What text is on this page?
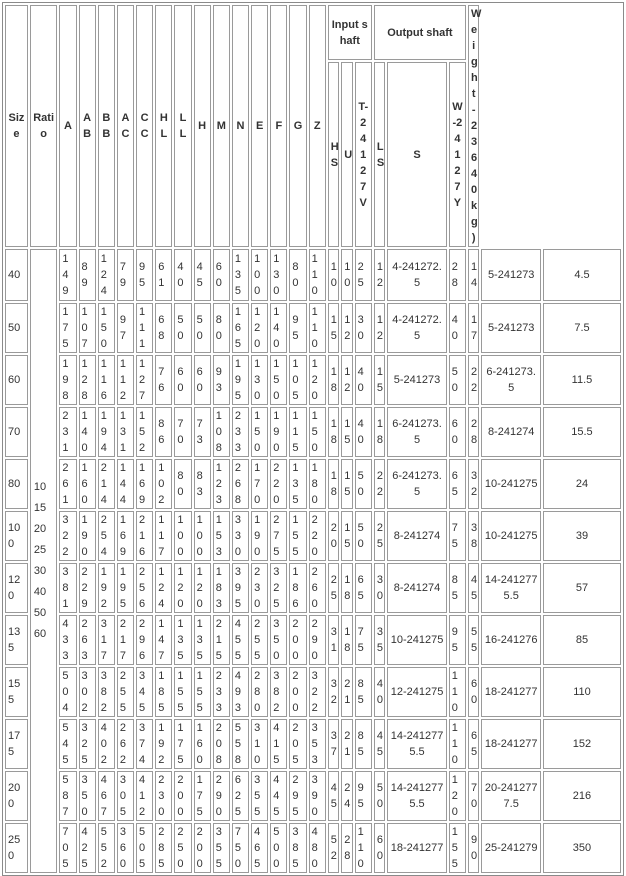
Size	Ratio	A	AB	BB	AC	CC	HL	LL	H	M	N	E	F	G	Z	Input shaft			Output shaft			Weight-23640kg)		
																HS	U	T-24127V	LS	S	W-24127Y			
40	10 15 20 25 30 40 50 60	149	89	124	79	95	61	40	45	60	135	100	130	80	110	10	10	25	12	4-241272.5	28	14	5-241273	4.5
50		175	107	150	97	111	68	50	50	80	165	120	140	95	110	15	12	30	12	4-241272.5	40	17	5-241273	7.5
60		198	128	116	112	127	76	60	60	93	195	130	150	105	120	18	12	40	15	5-241273	50	22	6-241273.5	11.5
70		231	140	194	131	152	86	70	73	108	233	150	190	115	150	18	15	40	18	6-241273.5	60	28	8-241274	15.5
80		261	160	214	144	169	102	80	83	123	268	170	220	135	180	18	15	50	22	6-241273.5	65	32	10-241275	24
100		322	190	254	169	216	117	100	100	153	330	190	275	155	220	20	15	50	25	8-241274	75	38	10-241275	39
120		381	229	192	195	256	124	120	120	183	395	230	325	186	260	25	18	65	30	8-241274	85	45	14-2412775.5	57
135		433	263	317	217	296	147	135	135	215	455	255	350	200	290	31	18	75	35	10-241275	95	55	16-241276	85
155		504	302	382	255	345	185	155	155	233	493	280	382	200	322	32	21	85	40	12-241275	110	60	18-241277	110
175		545	325	402	262	374	192	175	160	208	558	310	415	205	353	37	21	85	45	14-2412775.5	110	65	18-241277	152
200		587	350	467	305	412	230	200	175	290	625	355	445	295	390	45	24	95	50	14-2412775.5	120	70	20-2412777.5	216
250		705	425	552	360	505	285	250	200	355	750	465	500	385	480	52	28	110	60	18-241277	155	90	25-241279	350
